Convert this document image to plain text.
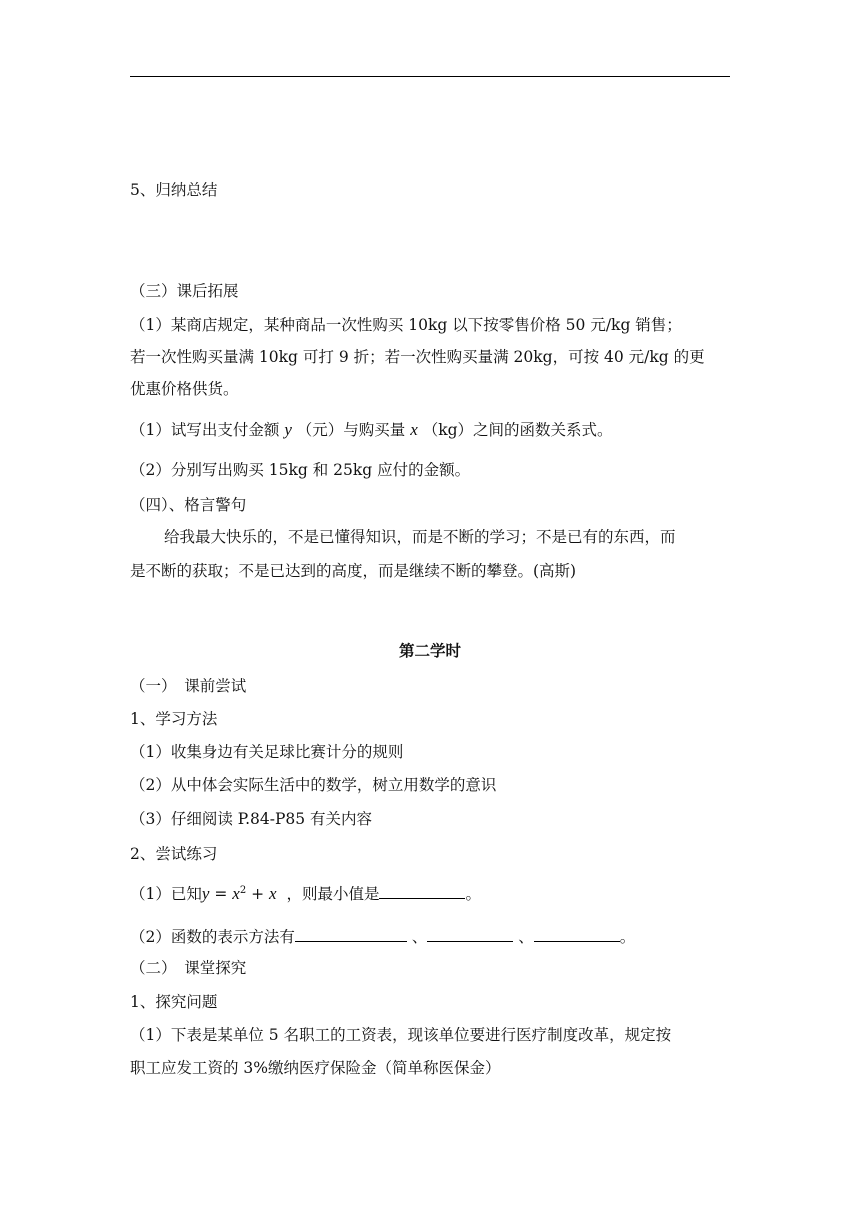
5、归纳总结
（三）课后拓展
（1）某商店规定，某种商品一次性购买 10kg 以下按零售价格 50 元/kg 销售；
若一次性购买量满 10kg 可打 9 折；若一次性购买量满 20kg，可按 40 元/kg 的更
优惠价格供货。
（1）试写出支付金额 y （元）与购买量 x （kg）之间的函数关系式。
（2）分别写出购买 15kg 和 25kg 应付的金额。
（四）、格言警句
给我最大快乐的，不是已懂得知识，而是不断的学习；不是已有的东西，而
是不断的获取；不是已达到的高度，而是继续不断的攀登。(高斯)
第二学时
（一）　课前尝试
1、学习方法
（1）收集身边有关足球比赛计分的规则
（2）从中体会实际生活中的数学，树立用数学的意识
（3）仔细阅读 P.84-P85 有关内容
2、尝试练习
（1）已知$y = x^2 + x$ ，则最小值是	。
（2）函数的表示方法有	、	、	。
（二）　课堂探究
1、探究问题
（1）下表是某单位 5 名职工的工资表，现该单位要进行医疗制度改革，规定按
职工应发工资的 3%缴纳医疗保险金（简单称医保金）
